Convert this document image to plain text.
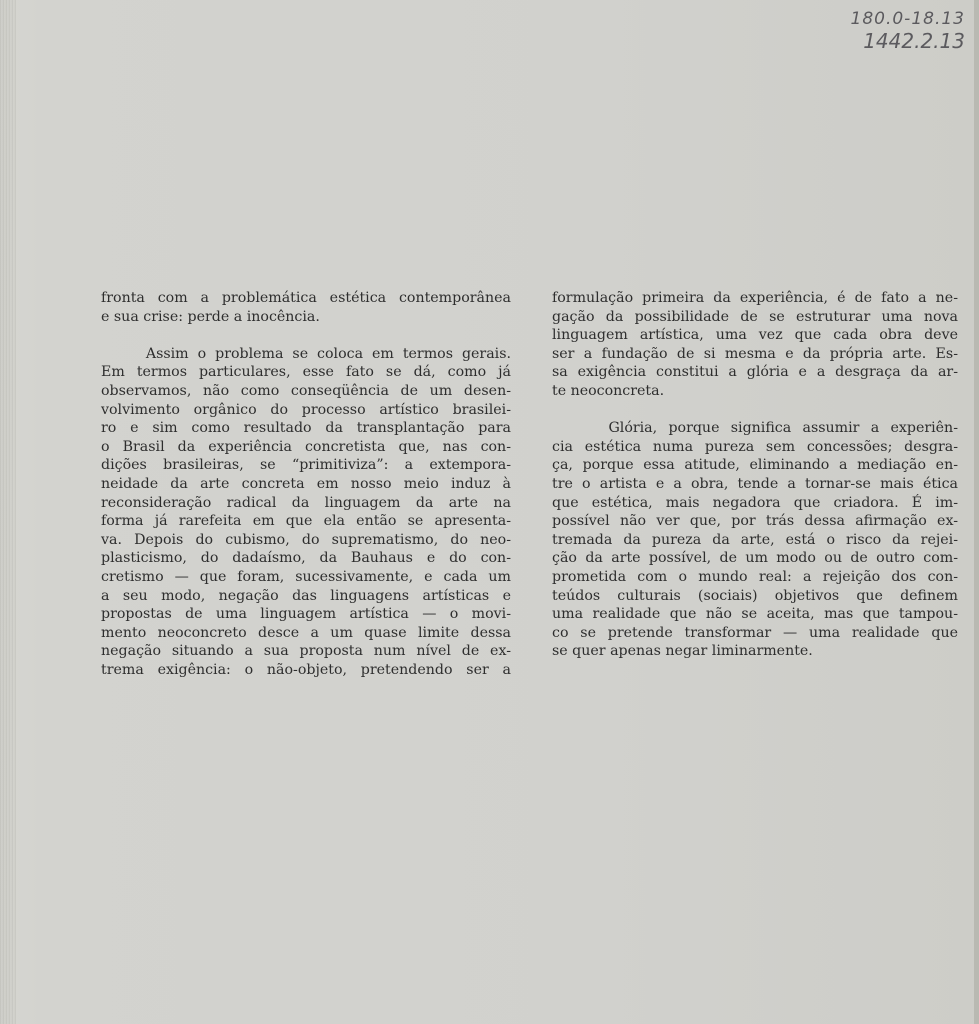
180.0-18.13
1442.2.13
fronta com a problemática estética contemporânea
e sua crise: perde a inocência.
Assim o problema se coloca em termos gerais.
Em termos particulares, esse fato se dá, como já
observamos, não como conseqüência de um desen-
volvimento orgânico do processo artístico brasilei-
ro e sim como resultado da transplantação para
o Brasil da experiência concretista que, nas con-
dições brasileiras, se “primitiviza”: a extempora-
neidade da arte concreta em nosso meio induz à
reconsideração radical da linguagem da arte na
forma já rarefeita em que ela então se apresenta-
va. Depois do cubismo, do suprematismo, do neo-
plasticismo, do dadaísmo, da Bauhaus e do con-
cretismo — que foram, sucessivamente, e cada um
a seu modo, negação das linguagens artísticas e
propostas de uma linguagem artística — o movi-
mento neoconcreto desce a um quase limite dessa
negação situando a sua proposta num nível de ex-
trema exigência: o não-objeto, pretendendo ser a
formulação primeira da experiência, é de fato a ne-
gação da possibilidade de se estruturar uma nova
linguagem artística, uma vez que cada obra deve
ser a fundação de si mesma e da própria arte. Es-
sa exigência constitui a glória e a desgraça da ar-
te neoconcreta.
Glória, porque significa assumir a experiên-
cia estética numa pureza sem concessões; desgra-
ça, porque essa atitude, eliminando a mediação en-
tre o artista e a obra, tende a tornar-se mais ética
que estética, mais negadora que criadora. É im-
possível não ver que, por trás dessa afirmação ex-
tremada da pureza da arte, está o risco da rejei-
ção da arte possível, de um modo ou de outro com-
prometida com o mundo real: a rejeição dos con-
teúdos culturais (sociais) objetivos que definem
uma realidade que não se aceita, mas que tampou-
co se pretende transformar — uma realidade que
se quer apenas negar liminarmente.
